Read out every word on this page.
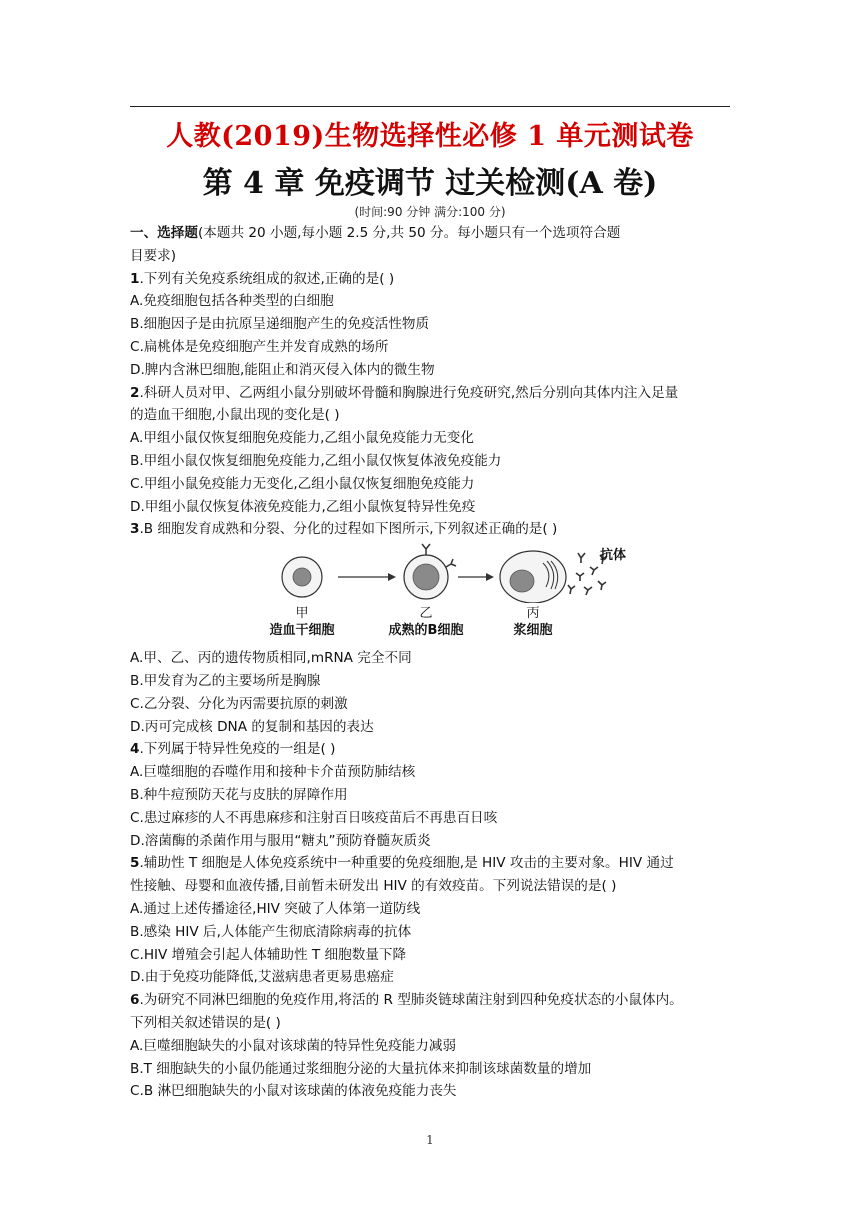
人教(2019)生物选择性必修 1 单元测试卷
第 4 章 免疫调节 过关检测(A 卷)
(时间:90 分钟 满分:100 分)
一、选择题(本题共 20 小题,每小题 2.5 分,共 50 分。每小题只有一个选项符合题
目要求)
1.下列有关免疫系统组成的叙述,正确的是( )
A.免疫细胞包括各种类型的白细胞
B.细胞因子是由抗原呈递细胞产生的免疫活性物质
C.扁桃体是免疫细胞产生并发育成熟的场所
D.脾内含淋巴细胞,能阻止和消灭侵入体内的微生物
2.科研人员对甲、乙两组小鼠分别破坏骨髓和胸腺进行免疫研究,然后分别向其体内注入足量
的造血干细胞,小鼠出现的变化是( )
A.甲组小鼠仅恢复细胞免疫能力,乙组小鼠免疫能力无变化
B.甲组小鼠仅恢复细胞免疫能力,乙组小鼠仅恢复体液免疫能力
C.甲组小鼠免疫能力无变化,乙组小鼠仅恢复细胞免疫能力
D.甲组小鼠仅恢复体液免疫能力,乙组小鼠恢复特异性免疫
3.B 细胞发育成熟和分裂、分化的过程如下图所示,下列叙述正确的是( )
抗体
甲
造血干细胞
乙
成熟的B细胞
丙
浆细胞
A.甲、乙、丙的遗传物质相同,mRNA 完全不同
B.甲发育为乙的主要场所是胸腺
C.乙分裂、分化为丙需要抗原的刺激
D.丙可完成核 DNA 的复制和基因的表达
4.下列属于特异性免疫的一组是( )
A.巨噬细胞的吞噬作用和接种卡介苗预防肺结核
B.种牛痘预防天花与皮肤的屏障作用
C.患过麻疹的人不再患麻疹和注射百日咳疫苗后不再患百日咳
D.溶菌酶的杀菌作用与服用“糖丸”预防脊髓灰质炎
5.辅助性 T 细胞是人体免疫系统中一种重要的免疫细胞,是 HIV 攻击的主要对象。HIV 通过
性接触、母婴和血液传播,目前暂未研发出 HIV 的有效疫苗。下列说法错误的是( )
A.通过上述传播途径,HIV 突破了人体第一道防线
B.感染 HIV 后,人体能产生彻底清除病毒的抗体
C.HIV 增殖会引起人体辅助性 T 细胞数量下降
D.由于免疫功能降低,艾滋病患者更易患癌症
6.为研究不同淋巴细胞的免疫作用,将活的 R 型肺炎链球菌注射到四种免疫状态的小鼠体内。
下列相关叙述错误的是( )
A.巨噬细胞缺失的小鼠对该球菌的特异性免疫能力减弱
B.T 细胞缺失的小鼠仍能通过浆细胞分泌的大量抗体来抑制该球菌数量的增加
C.B 淋巴细胞缺失的小鼠对该球菌的体液免疫能力丧失
1
